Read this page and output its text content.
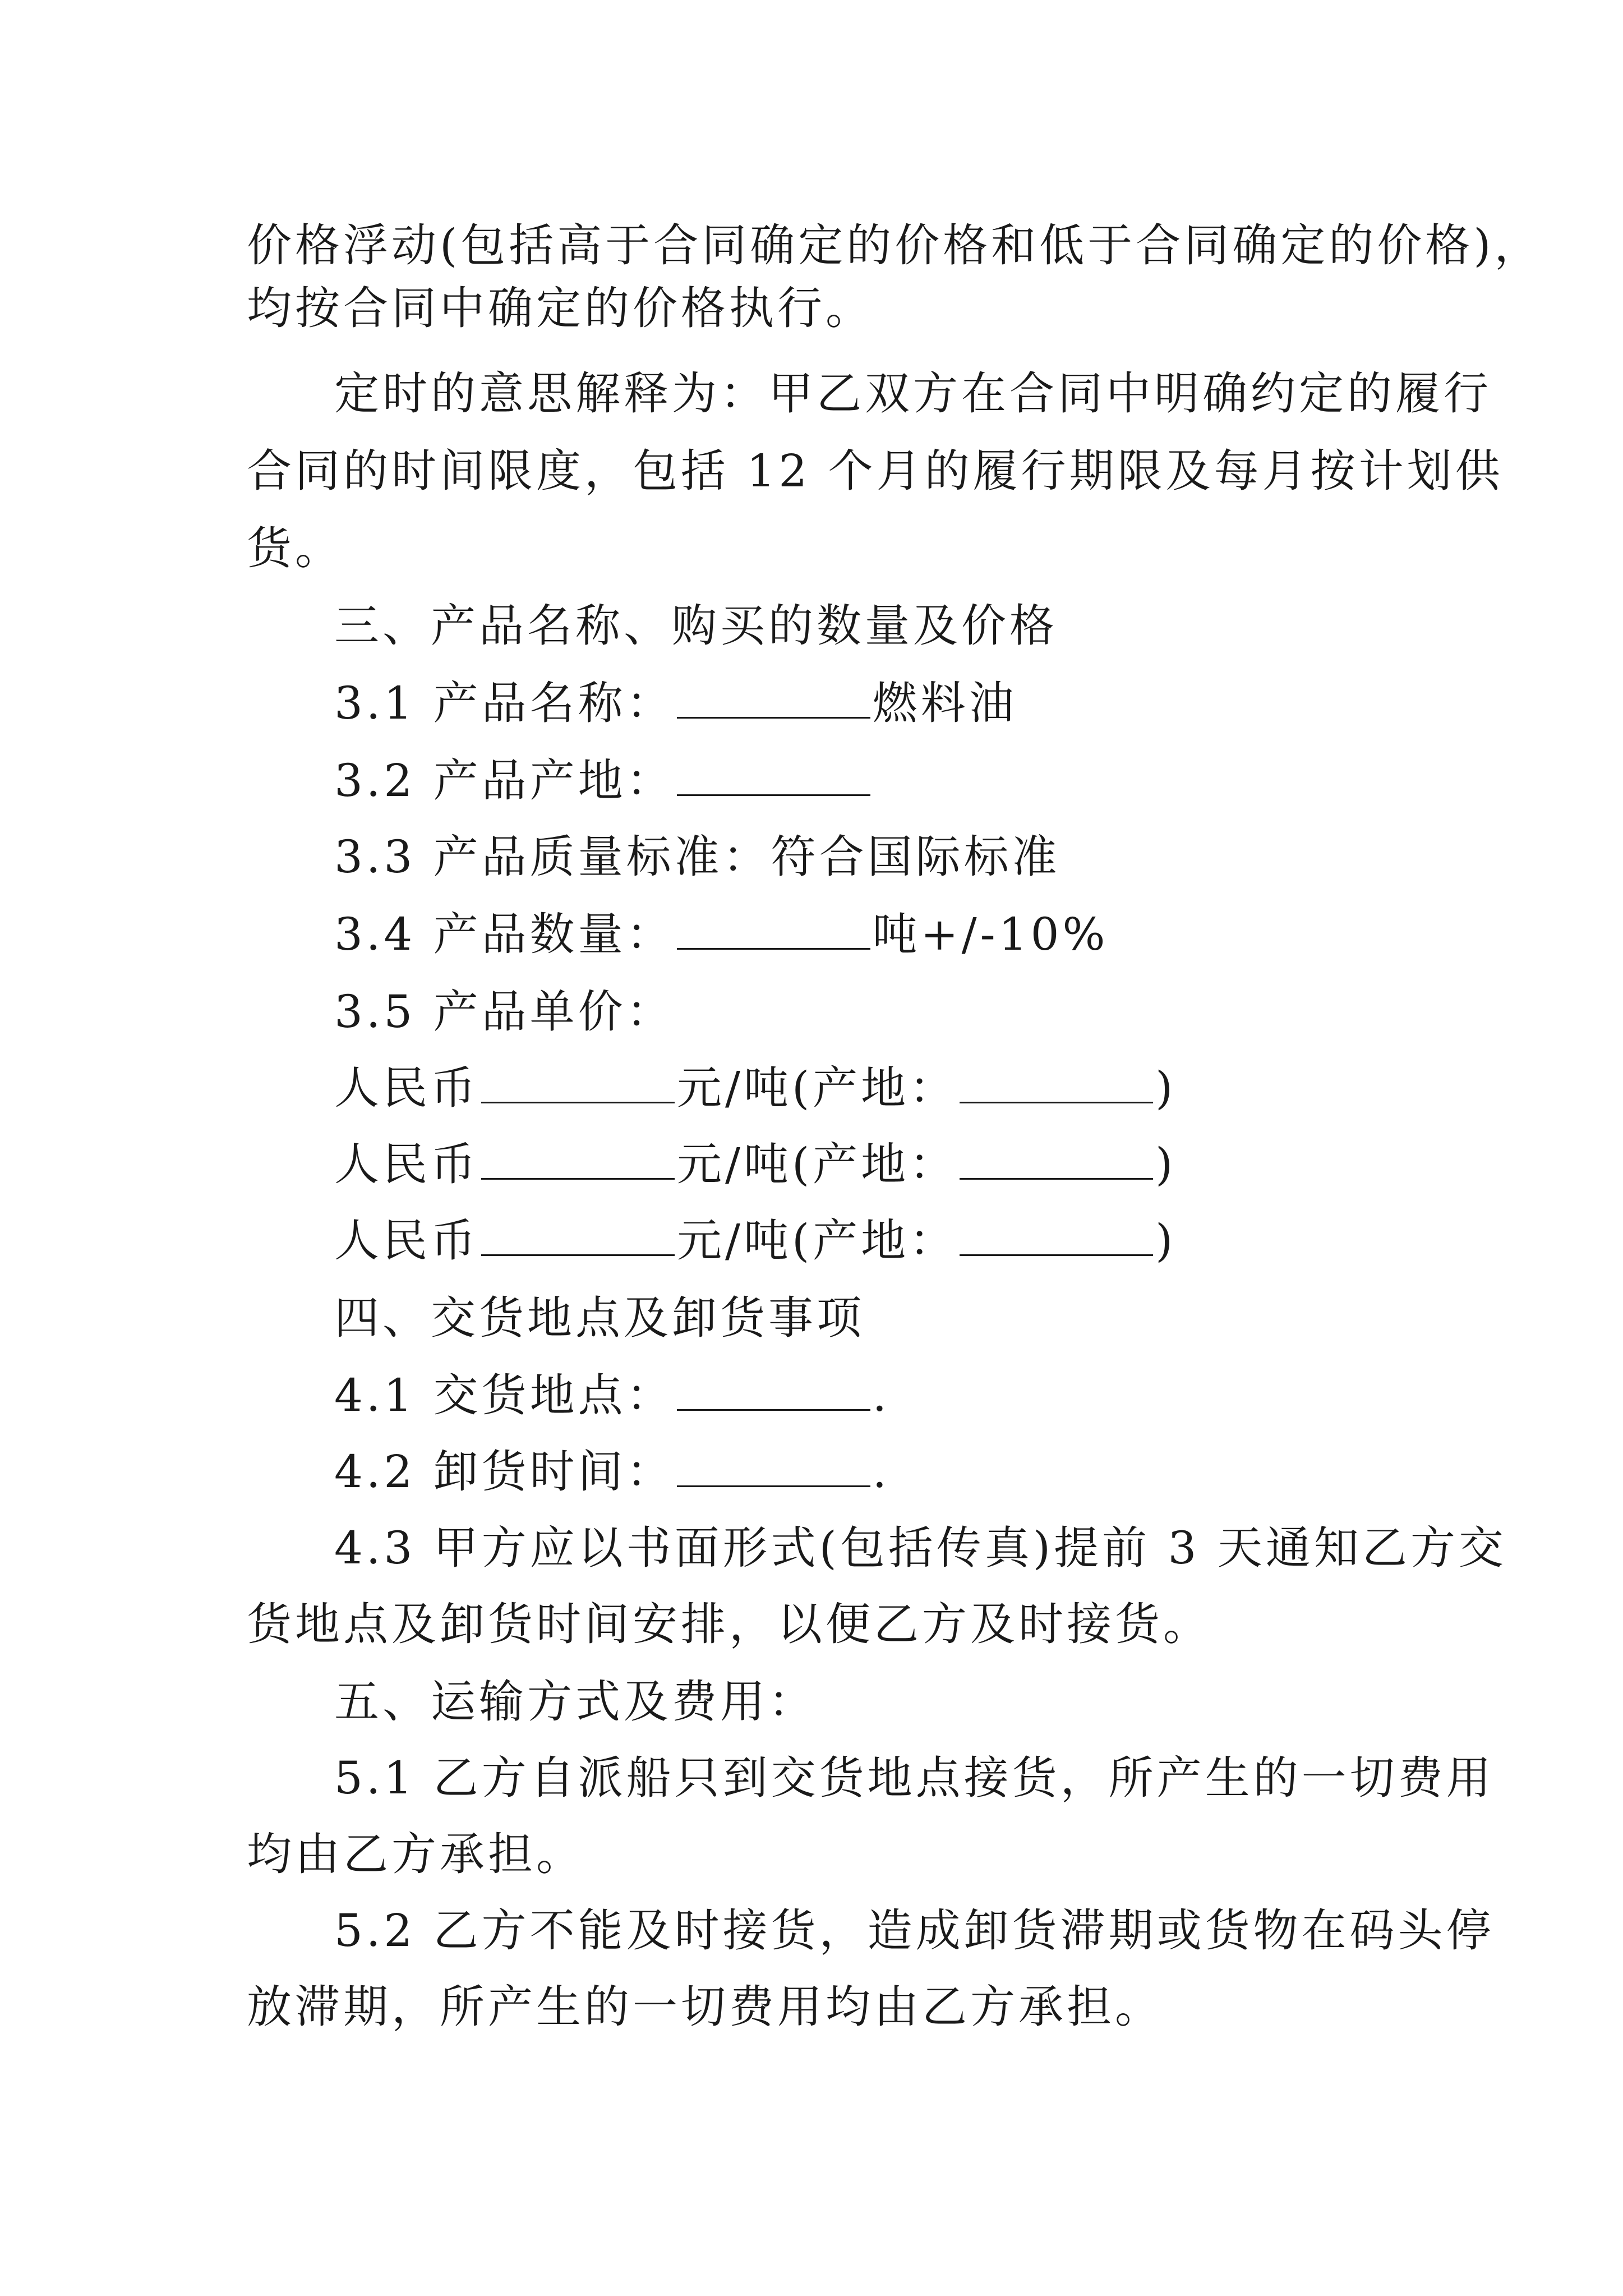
价格浮动(包括高于合同确定的价格和低于合同确定的价格)，
均按合同中确定的价格执行。
定时的意思解释为：甲乙双方在合同中明确约定的履行
合同的时间限度，包括 12 个月的履行期限及每月按计划供
货。
三、产品名称、购买的数量及价格
3.1 产品名称：	燃料油
3.2 产品产地：
3.3 产品质量标准：符合国际标准
3.4 产品数量：	吨+/-10%
3.5 产品单价：
人民币	元/吨(产地：	)
人民币	元/吨(产地：	)
人民币	元/吨(产地：	)
四、交货地点及卸货事项
4.1 交货地点：	.
4.2 卸货时间：	.
4.3 甲方应以书面形式(包括传真)提前 3 天通知乙方交
货地点及卸货时间安排，以便乙方及时接货。
五、运输方式及费用：
5.1 乙方自派船只到交货地点接货，所产生的一切费用
均由乙方承担。
5.2 乙方不能及时接货，造成卸货滞期或货物在码头停
放滞期，所产生的一切费用均由乙方承担。
